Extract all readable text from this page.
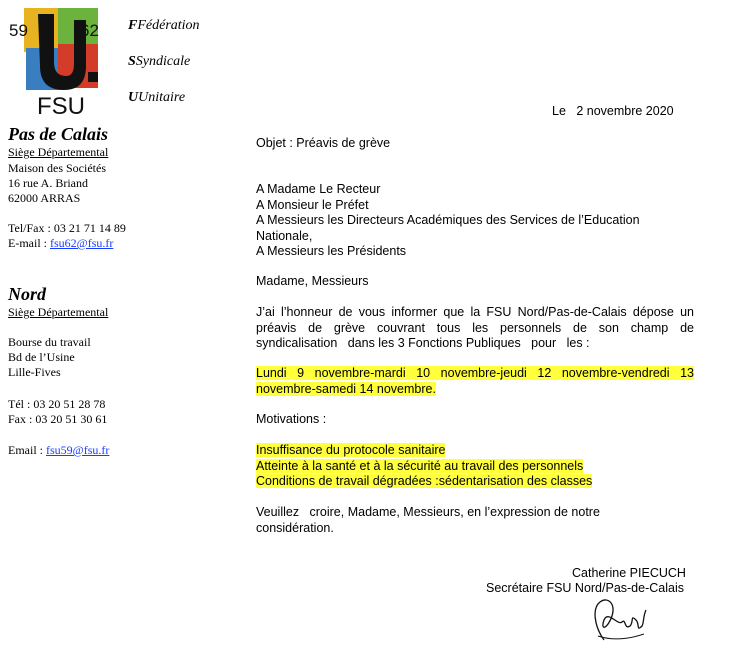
59	62
FSU
FFédération
SSyndicale
UUnitaire
Le   2 novembre 2020
Pas de Calais
Siège Départemental
Maison des Sociétés
16 rue A. Briand
62000 ARRAS
Tel/Fax : 03 21 71 14 89
E-mail : fsu62@fsu.fr
Nord
Siège Départemental
Bourse du travail
Bd de l’Usine
Lille-Fives
Tél : 03 20 51 28 78
Fax : 03 20 51 30 61
Email : fsu59@fsu.fr
Objet : Préavis de grève
A Madame Le Recteur
A Monsieur le Préfet
A Messieurs les Directeurs Académiques des Services de l’Education Nationale,
A Messieurs les Présidents
Madame, Messieurs
J’ai l’honneur de vous informer que la FSU Nord/Pas-de-Calais dépose un préavis de grève couvrant tous les personnels de son champ de syndicalisation   dans les 3 Fonctions Publiques   pour   les :
Lundi 9 novembre-mardi 10 novembre-jeudi 12 novembre-vendredi 13 novembre-samedi 14 novembre.
Motivations :
Insuffisance du protocole sanitaire
Atteinte à la santé et à la sécurité au travail des personnels
Conditions de travail dégradées :sédentarisation des classes
Veuillez   croire, Madame, Messieurs, en l’expression de notre considération.
Catherine PIECUCH
Secrétaire FSU Nord/Pas-de-Calais
